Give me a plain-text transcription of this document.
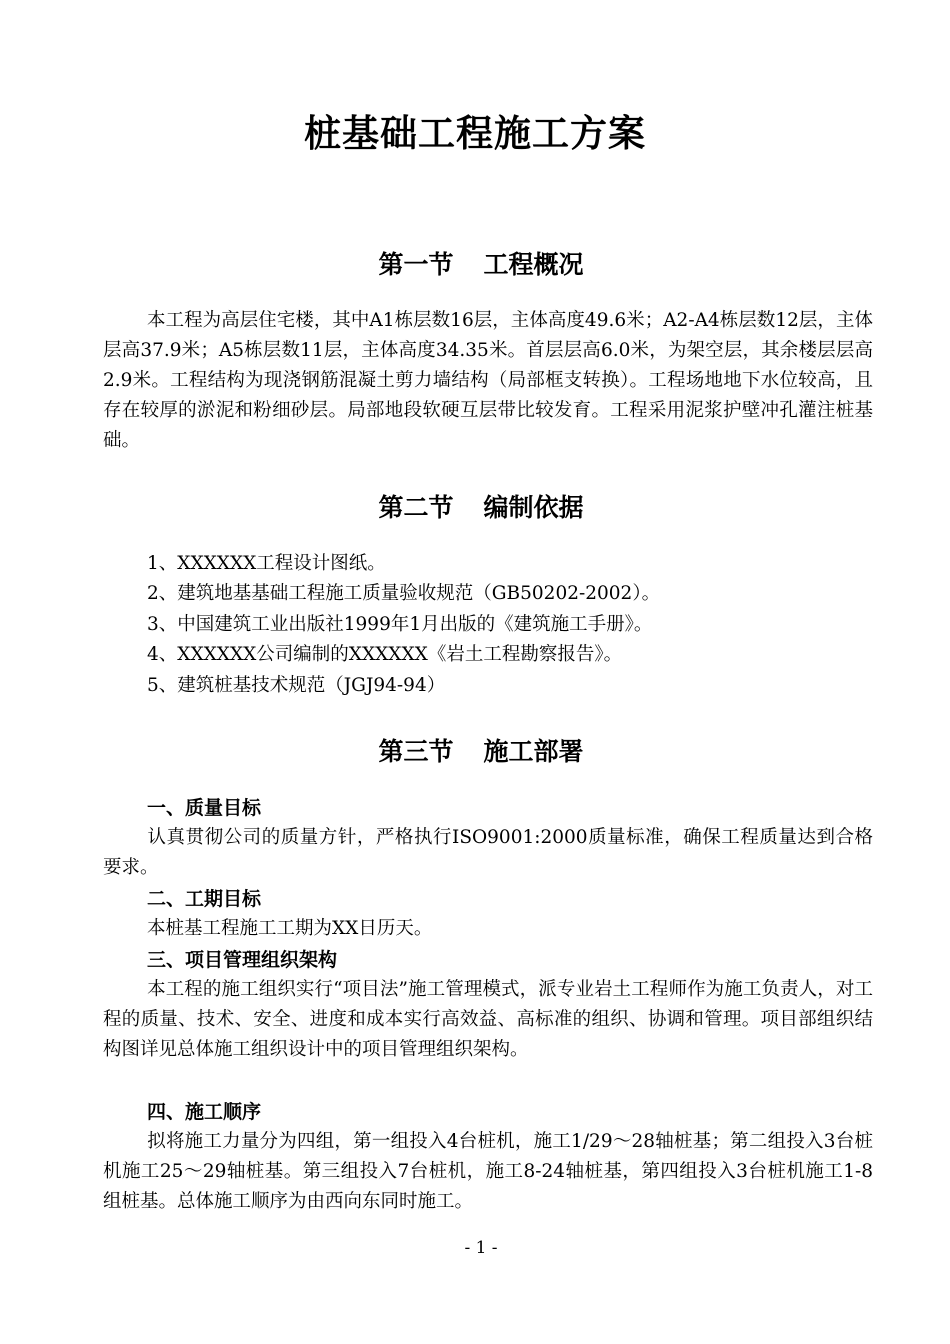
桩基础工程施工方案
第一节 工程概况

本工程为高层住宅楼，其中A1栋层数16层，主体高度49.6米；A2-A4栋层数12层，主体层高37.9米；A5栋层数11层，主体高度34.35米。首层层高6.0米，为架空层，其余楼层层高2.9米。工程结构为现浇钢筋混凝土剪力墙结构（局部框支转换）。工程场地地下水位较高，且存在较厚的淤泥和粉细砂层。局部地段软硬互层带比较发育。工程采用泥浆护壁冲孔灌注桩基础。

第二节 编制依据
1、XXXXXX工程设计图纸。
2、建筑地基基础工程施工质量验收规范（GB50202-2002）。
3、中国建筑工业出版社1999年1月出版的《建筑施工手册》。
4、XXXXXX公司编制的XXXXXX《岩土工程勘察报告》。
5、建筑桩基技术规范（JGJ94-94）
第三节 施工部署
一、质量目标

认真贯彻公司的质量方针，严格执行ISO9001:2000质量标准，确保工程质量达到合格要求。

二、工期目标

本桩基工程施工工期为XX日历天。

三、项目管理组织架构

本工程的施工组织实行“项目法”施工管理模式，派专业岩土工程师作为施工负责人，对工程的质量、技术、安全、进度和成本实行高效益、高标准的组织、协调和管理。项目部组织结构图详见总体施工组织设计中的项目管理组织架构。

四、施工顺序

拟将施工力量分为四组，第一组投入4台桩机，施工1/29～28轴桩基；第二组投入3台桩机施工25～29轴桩基。第三组投入7台桩机，施工8-24轴桩基，第四组投入3台桩机施工1-8组桩基。总体施工顺序为由西向东同时施工。

- 1 -
